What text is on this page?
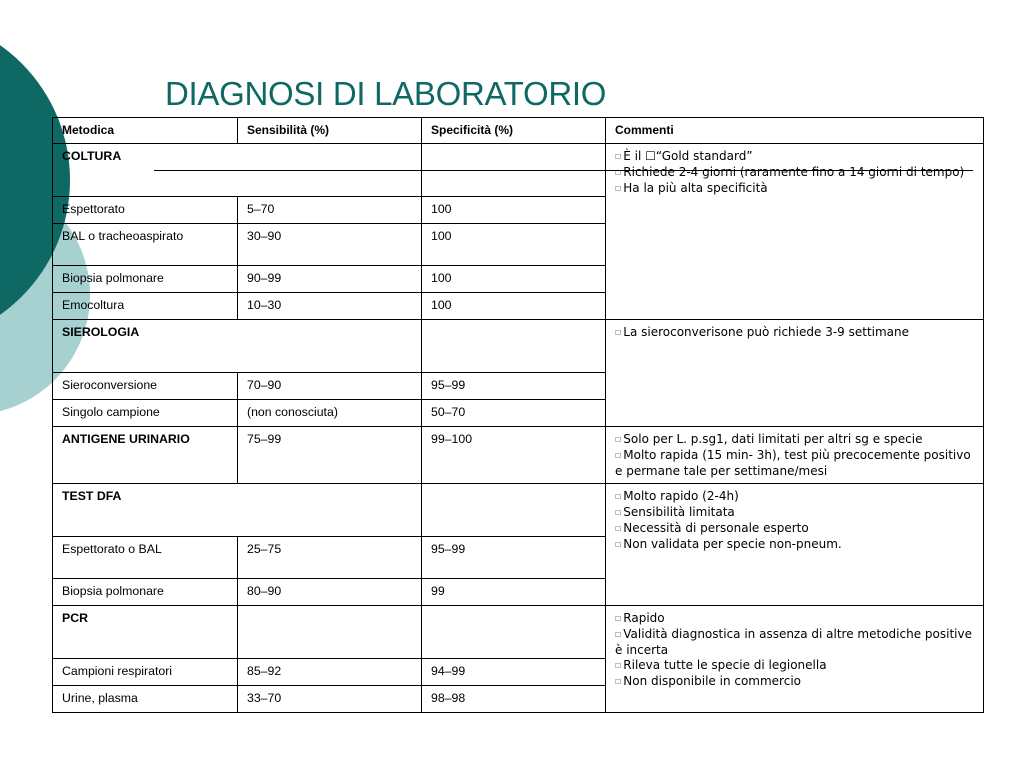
DIAGNOSI DI LABORATORIO
Metodica	Sensibilità (%)	Specificità (%)	Commenti
COLTURA			☐ È il ☐“Gold standard”
☐ Richiede 2-4 giorni (raramente fino a 14 giorni di tempo)
☐ Ha la più alta specificità

Espettorato	5–70	100	
BAL o tracheoaspirato	30–90	100	
Biopsia polmonare	90–99	100	
Emocoltura	10–30	100	
SIEROLOGIA			☐ La sieroconverisone può richiede 3-9 settimane

Sieroconversione	70–90	95–99	
Singolo campione	(non conosciuta)	50–70	
ANTIGENE URINARIO	75–99	99–100	☐ Solo per L. p.sg1, dati limitati per altri sg e specie
☐ Molto rapida (15 min- 3h), test più precocemente positivo e permane tale per settimane/mesi

TEST DFA			☐ Molto rapido (2-4h)
☐ Sensibilità limitata
☐ Necessità di personale esperto
☐ Non validata per specie non-pneum.

Espettorato o BAL	25–75	95–99	
Biopsia polmonare	80–90	99	
PCR			☐ Rapido
☐ Validità diagnostica in assenza di altre metodiche positive è incerta
☐ Rileva tutte le specie di legionella
☐ Non disponibile in commercio

Campioni respiratori	85–92	94–99	
Urine, plasma	33–70	98–98	
